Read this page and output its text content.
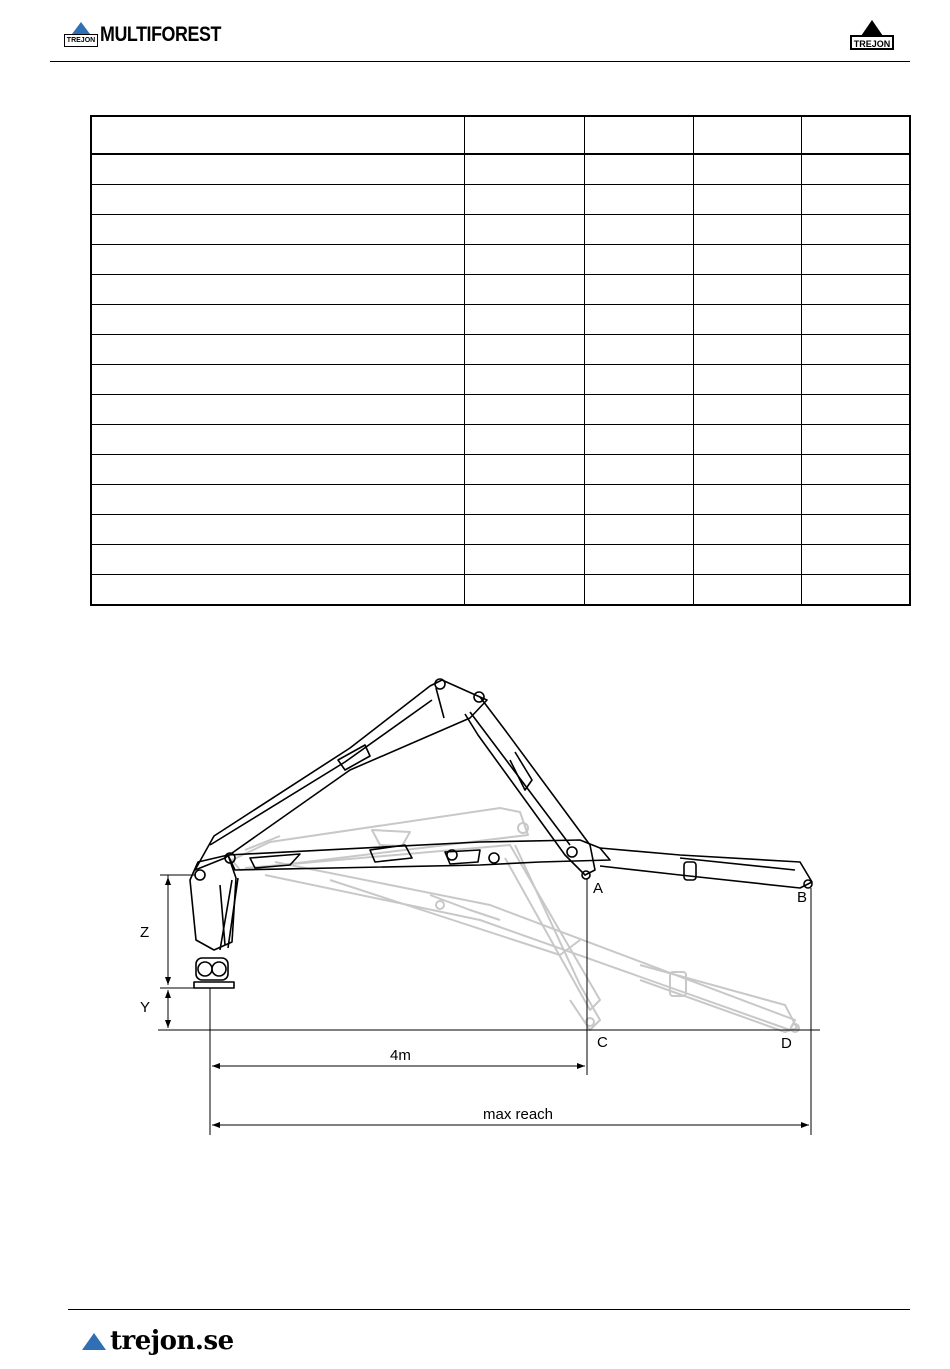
TREJON MULTIFOREST	TREJON

A
B
C	D
Z
Y
4m
max reach
trejon.se
